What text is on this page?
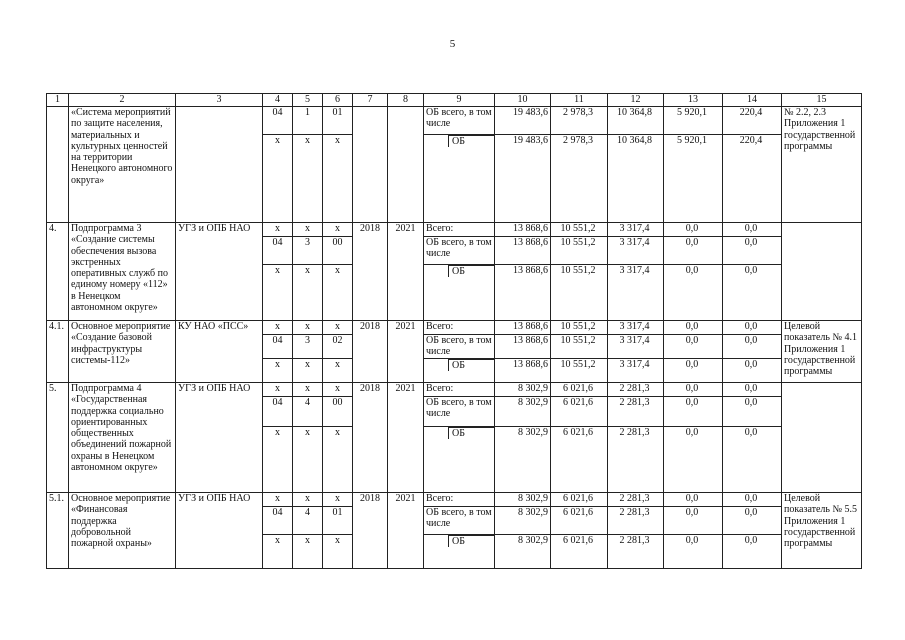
5
1	2	3	4	5	6	7	8	9	10	11	12	13	14	15
	«Система мероприятий по защите населения, материальных и культурных ценностей на территории Ненецкого автономного округа»		04	1	01			ОБ всего, в том числе	19 483,6	2 978,3	10 364,8	5 920,1	220,4	№ 2.2, 2.3 Приложения 1 государственной программы
			х	х	х			ОБ	19 483,6	2 978,3	10 364,8	5 920,1	220,4	
4.	Подпрограмма 3 «Создание системы обеспечения вызова экстренных оперативных служб по единому номеру «112» в Ненецком автономном округе»	УГЗ и ОПБ НАО	х	х	х	2018	2021	Всего:	13 868,6	10 551,2	3 317,4	0,0	0,0	
			04	3	00			ОБ всего, в том числе	13 868,6	10 551,2	3 317,4	0,0	0,0	
			х	х	х			ОБ	13 868,6	10 551,2	3 317,4	0,0	0,0	
4.1.	Основное мероприятие «Создание базовой инфраструктуры системы-112»	КУ НАО «ПСС»	х	х	х	2018	2021	Всего:	13 868,6	10 551,2	3 317,4	0,0	0,0	Целевой показатель № 4.1 Приложения 1 государственной программы
			04	3	02			ОБ всего, в том числе	13 868,6	10 551,2	3 317,4	0,0	0,0	
			х	х	х			ОБ	13 868,6	10 551,2	3 317,4	0,0	0,0	
5.	Подпрограмма 4 «Государственная поддержка социально ориентированных общественных объединений пожарной охраны в Ненецком автономном округе»	УГЗ и ОПБ НАО	х	х	х	2018	2021	Всего:	8 302,9	6 021,6	2 281,3	0,0	0,0	
			04	4	00			ОБ всего, в том числе	8 302,9	6 021,6	2 281,3	0,0	0,0	
			х	х	х			ОБ	8 302,9	6 021,6	2 281,3	0,0	0,0	
5.1.	Основное мероприятие «Финансовая поддержка добровольной пожарной охраны»	УГЗ и ОПБ НАО	х	х	х	2018	2021	Всего:	8 302,9	6 021,6	2 281,3	0,0	0,0	Целевой показатель № 5.5 Приложения 1 государственной программы
			04	4	01			ОБ всего, в том числе	8 302,9	6 021,6	2 281,3	0,0	0,0	
			х	х	х			ОБ	8 302,9	6 021,6	2 281,3	0,0	0,0	
